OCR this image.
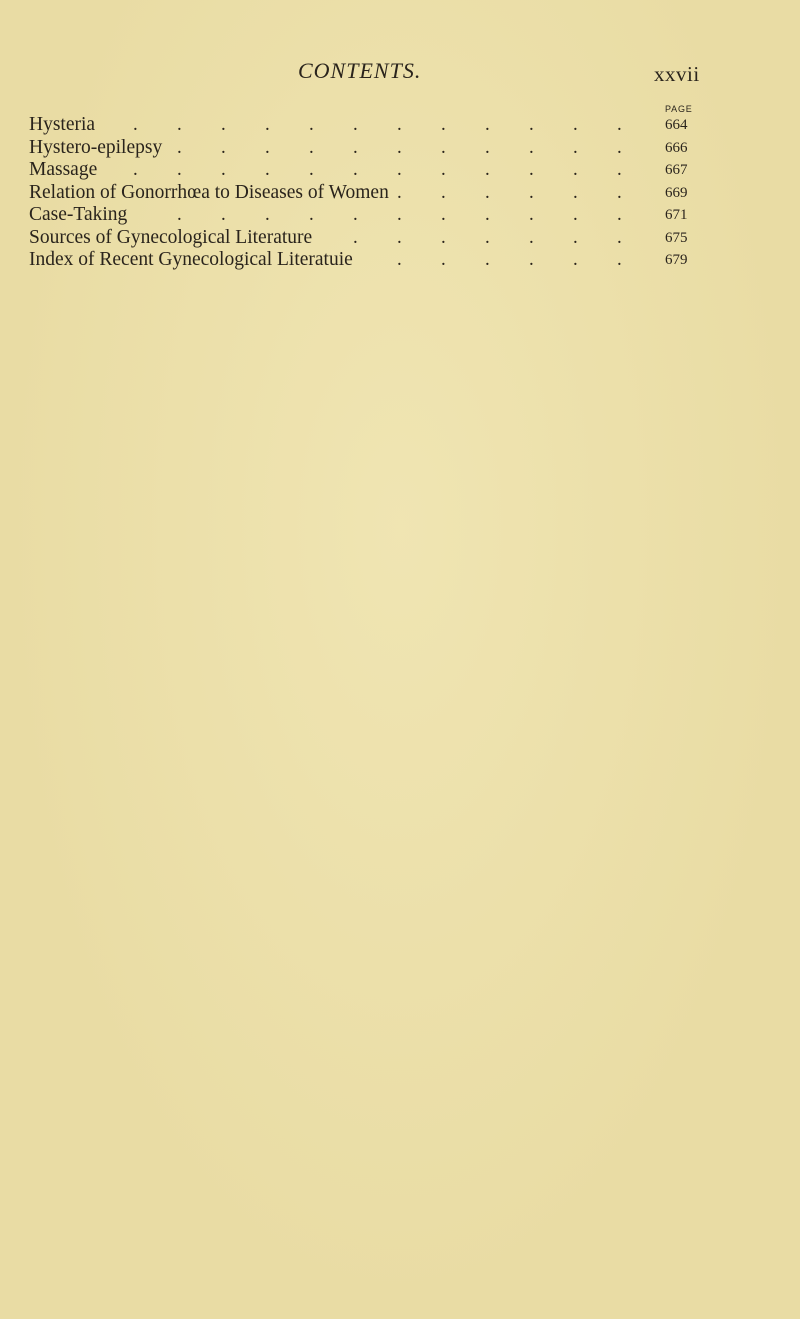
CONTENTS.	xxvii
PAGE
. . . . . . . . . . . .
Hysteria	664
. . . . . . . . . . .
Hystero-epilepsy	666
. . . . . . . . . . . .
Massage	667
. . . . . .
Relation of Gonorrhœa to Diseases of Women	669
. . . . . . . . . . .
Case-Taking	671
. . . . . . .
Sources of Gynecological Literature	675
. . . . . .
Index of Recent Gynecological Literatuie	679
